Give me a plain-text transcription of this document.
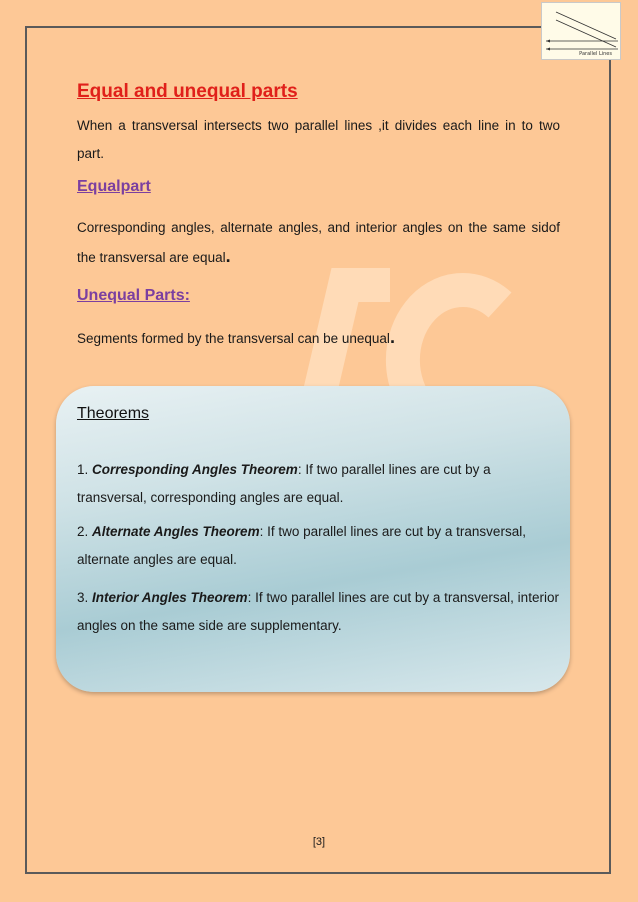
Parallel Lines
Equal and unequal parts

When a transversal intersects two parallel lines ,it divides each line in to two part.

Equalpart

Corresponding angles, alternate angles, and interior angles on the same sidof the transversal are equal.

Unequal Parts:

Segments formed by the transversal can be unequal.

Theorems

1. Corresponding Angles Theorem: If two parallel lines are cut by a transversal, corresponding angles are equal.

2. Alternate Angles Theorem: If two parallel lines are cut by a transversal, alternate angles are equal.

3. Interior Angles Theorem: If two parallel lines are cut by a transversal, interior angles on the same side are supplementary.

[3]
